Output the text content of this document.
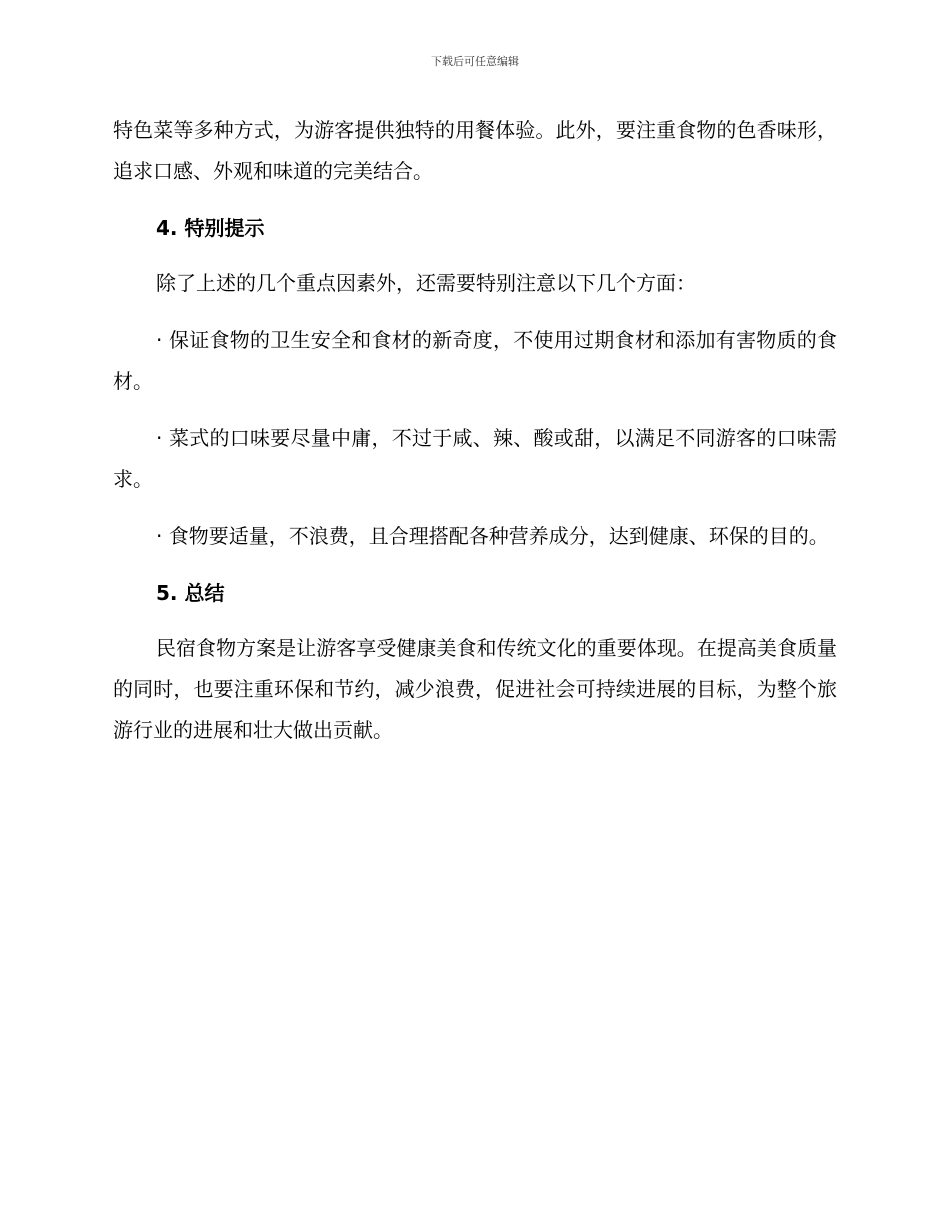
下载后可任意编辑

特色菜等多种方式，为游客提供独特的用餐体验。此外，要注重食物的色香味形，追求口感、外观和味道的完美结合。

4. 特别提示

除了上述的几个重点因素外，还需要特别注意以下几个方面：

· 保证食物的卫生安全和食材的新奇度，不使用过期食材和添加有害物质的食材。

· 菜式的口味要尽量中庸，不过于咸、辣、酸或甜，以满足不同游客的口味需求。

· 食物要适量，不浪费，且合理搭配各种营养成分，达到健康、环保的目的。

5. 总结

民宿食物方案是让游客享受健康美食和传统文化的重要体现。在提高美食质量的同时，也要注重环保和节约，减少浪费，促进社会可持续进展的目标，为整个旅游行业的进展和壮大做出贡献。
